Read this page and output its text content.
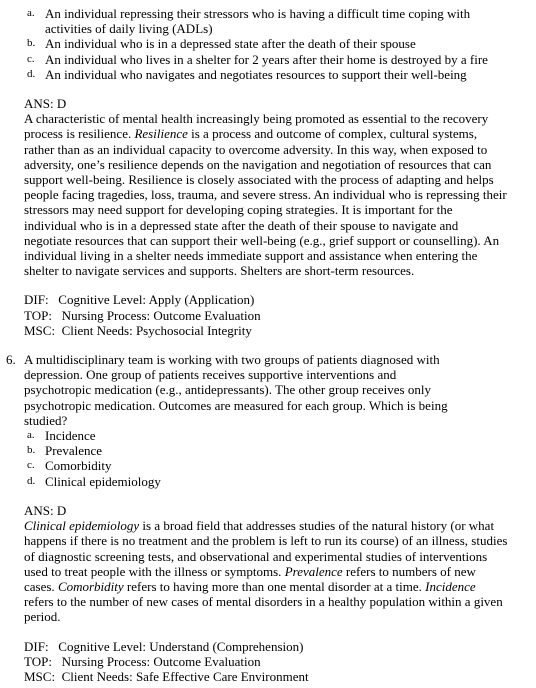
a. An individual repressing their stressors who is having a difficult time coping with activities of daily living (ADLs)
b. An individual who is in a depressed state after the death of their spouse
c. An individual who lives in a shelter for 2 years after their home is destroyed by a fire
d. An individual who navigates and negotiates resources to support their well-being
ANS: D
A characteristic of mental health increasingly being promoted as essential to the recovery process is resilience. Resilience is a process and outcome of complex, cultural systems, rather than as an individual capacity to overcome adversity. In this way, when exposed to adversity, one’s resilience depends on the navigation and negotiation of resources that can support well-being. Resilience is closely associated with the process of adapting and helps people facing tragedies, loss, trauma, and severe stress. An individual who is repressing their stressors may need support for developing coping strategies. It is important for the individual who is in a depressed state after the death of their spouse to navigate and negotiate resources that can support their well-being (e.g., grief support or counselling). An individual living in a shelter needs immediate support and assistance when entering the shelter to navigate services and supports. Shelters are short-term resources.
DIF:   Cognitive Level: Apply (Application)
TOP:   Nursing Process: Outcome Evaluation
MSC:  Client Needs: Psychosocial Integrity
6. A multidisciplinary team is working with two groups of patients diagnosed with depression. One group of patients receives supportive interventions and psychotropic medication (e.g., antidepressants). The other group receives only psychotropic medication. Outcomes are measured for each group. Which is being studied?
a. Incidence
b. Prevalence
c. Comorbidity
d. Clinical epidemiology
ANS: D
Clinical epidemiology is a broad field that addresses studies of the natural history (or what happens if there is no treatment and the problem is left to run its course) of an illness, studies of diagnostic screening tests, and observational and experimental studies of interventions used to treat people with the illness or symptoms. Prevalence refers to numbers of new cases. Comorbidity refers to having more than one mental disorder at a time. Incidence refers to the number of new cases of mental disorders in a healthy population within a given period.
DIF:   Cognitive Level: Understand (Comprehension)
TOP:   Nursing Process: Outcome Evaluation
MSC:  Client Needs: Safe Effective Care Environment
